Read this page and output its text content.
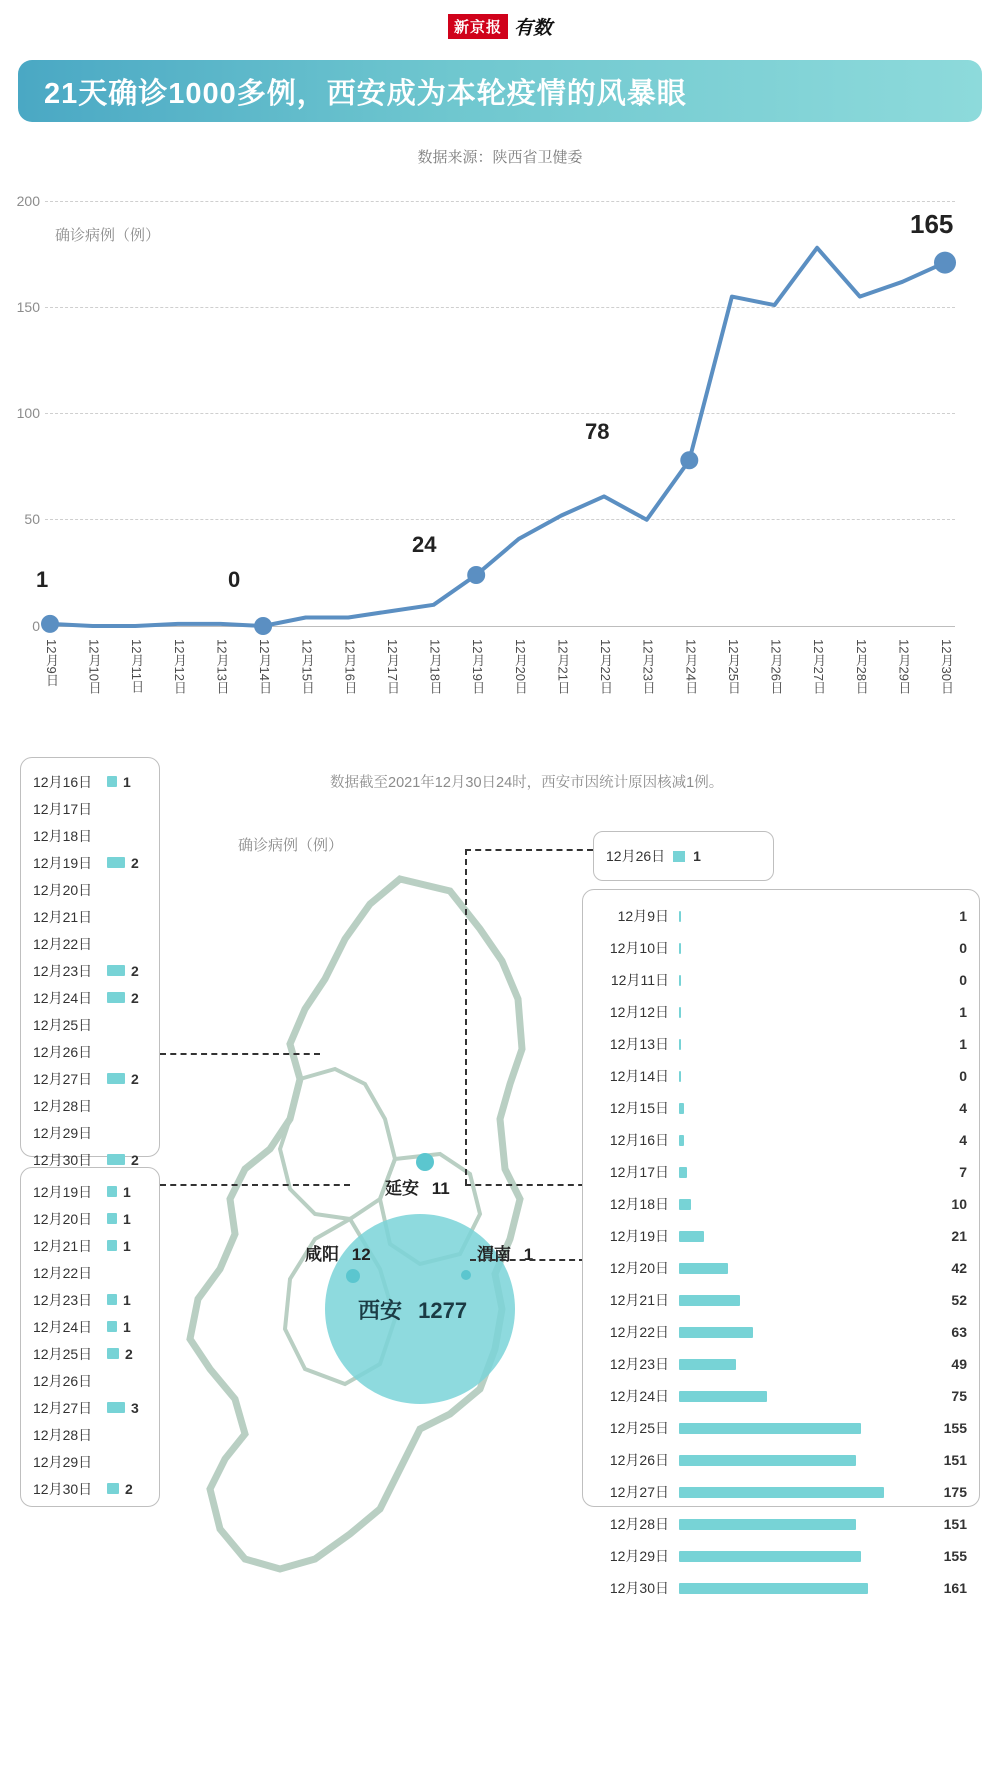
新京报 有数
21天确诊1000多例，西安成为本轮疫情的风暴眼
数据来源：陕西省卫健委
确诊病例（例）
200
150
100
50
0
1	0
24
78
165
12月9日 12月10日 12月11日 12月12日 12月13日 12月14日 12月15日 12月16日 12月17日 12月18日 12月19日 12月20日 12月21日 12月22日 12月23日 12月24日 12月25日 12月26日 12月27日 12月28日 12月29日 12月30日
数据截至2021年12月30日24时，西安市因统计原因核减1例。
确诊病例（例）
西安 1277
延安 11
咸阳 12	渭南 1
12月26日 1
12月16日	1
12月17日
12月18日
12月19日	2
12月20日
12月21日
12月22日
12月23日	2
12月24日	2
12月25日
12月26日
12月27日	2
12月28日
12月29日
12月30日	2
12月19日	1
12月20日	1
12月21日	1
12月22日
12月23日	1
12月24日	1
12月25日	2
12月26日
12月27日	3
12月28日
12月29日
12月30日	2
12月9日	1
12月10日	0
12月11日	0
12月12日	1
12月13日	1
12月14日	0
12月15日	4
12月16日	4
12月17日	7
12月18日	10
12月19日	21
12月20日	42
12月21日	52
12月22日	63
12月23日	49
12月24日	75
12月25日	155
12月26日	151
12月27日	175
12月28日	151
12月29日	155
12月30日	161
